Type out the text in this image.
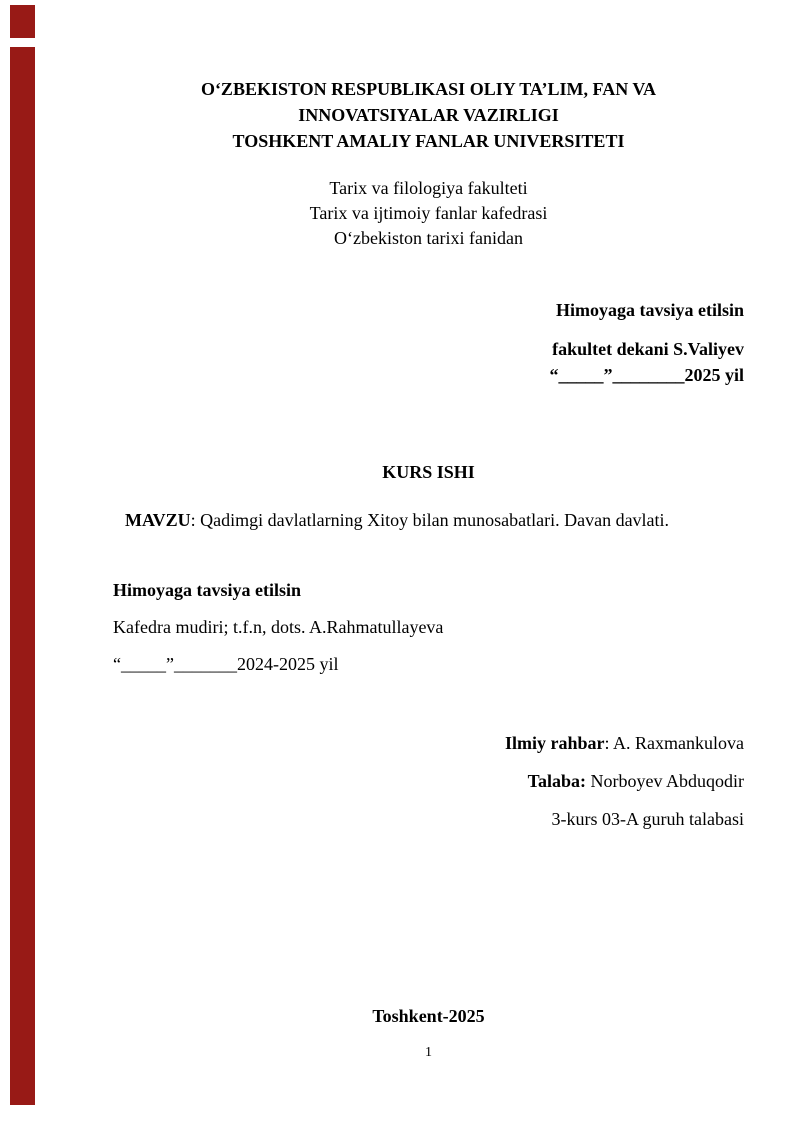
O‘ZBEKISTON RESPUBLIKASI OLIY TA’LIM, FAN VA
INNOVATSIYALAR VAZIRLIGI
TOSHKENT AMALIY FANLAR UNIVERSITETI
Tarix va filologiya fakulteti
Tarix va ijtimoiy fanlar kafedrasi
O‘zbekiston tarixi fanidan
Himoyaga tavsiya etilsin
fakultet dekani S.Valiyev
“_____”________2025 yil
KURS ISHI
MAVZU: Qadimgi davlatlarning Xitoy bilan munosabatlari. Davan davlati.
Himoyaga tavsiya etilsin
Kafedra mudiri; t.f.n, dots. A.Rahmatullayeva
“_____”_______2024-2025 yil
Ilmiy rahbar: A. Raxmankulova
Talaba: Norboyev Abduqodir
3-kurs 03-A guruh talabasi
Toshkent-2025
1
